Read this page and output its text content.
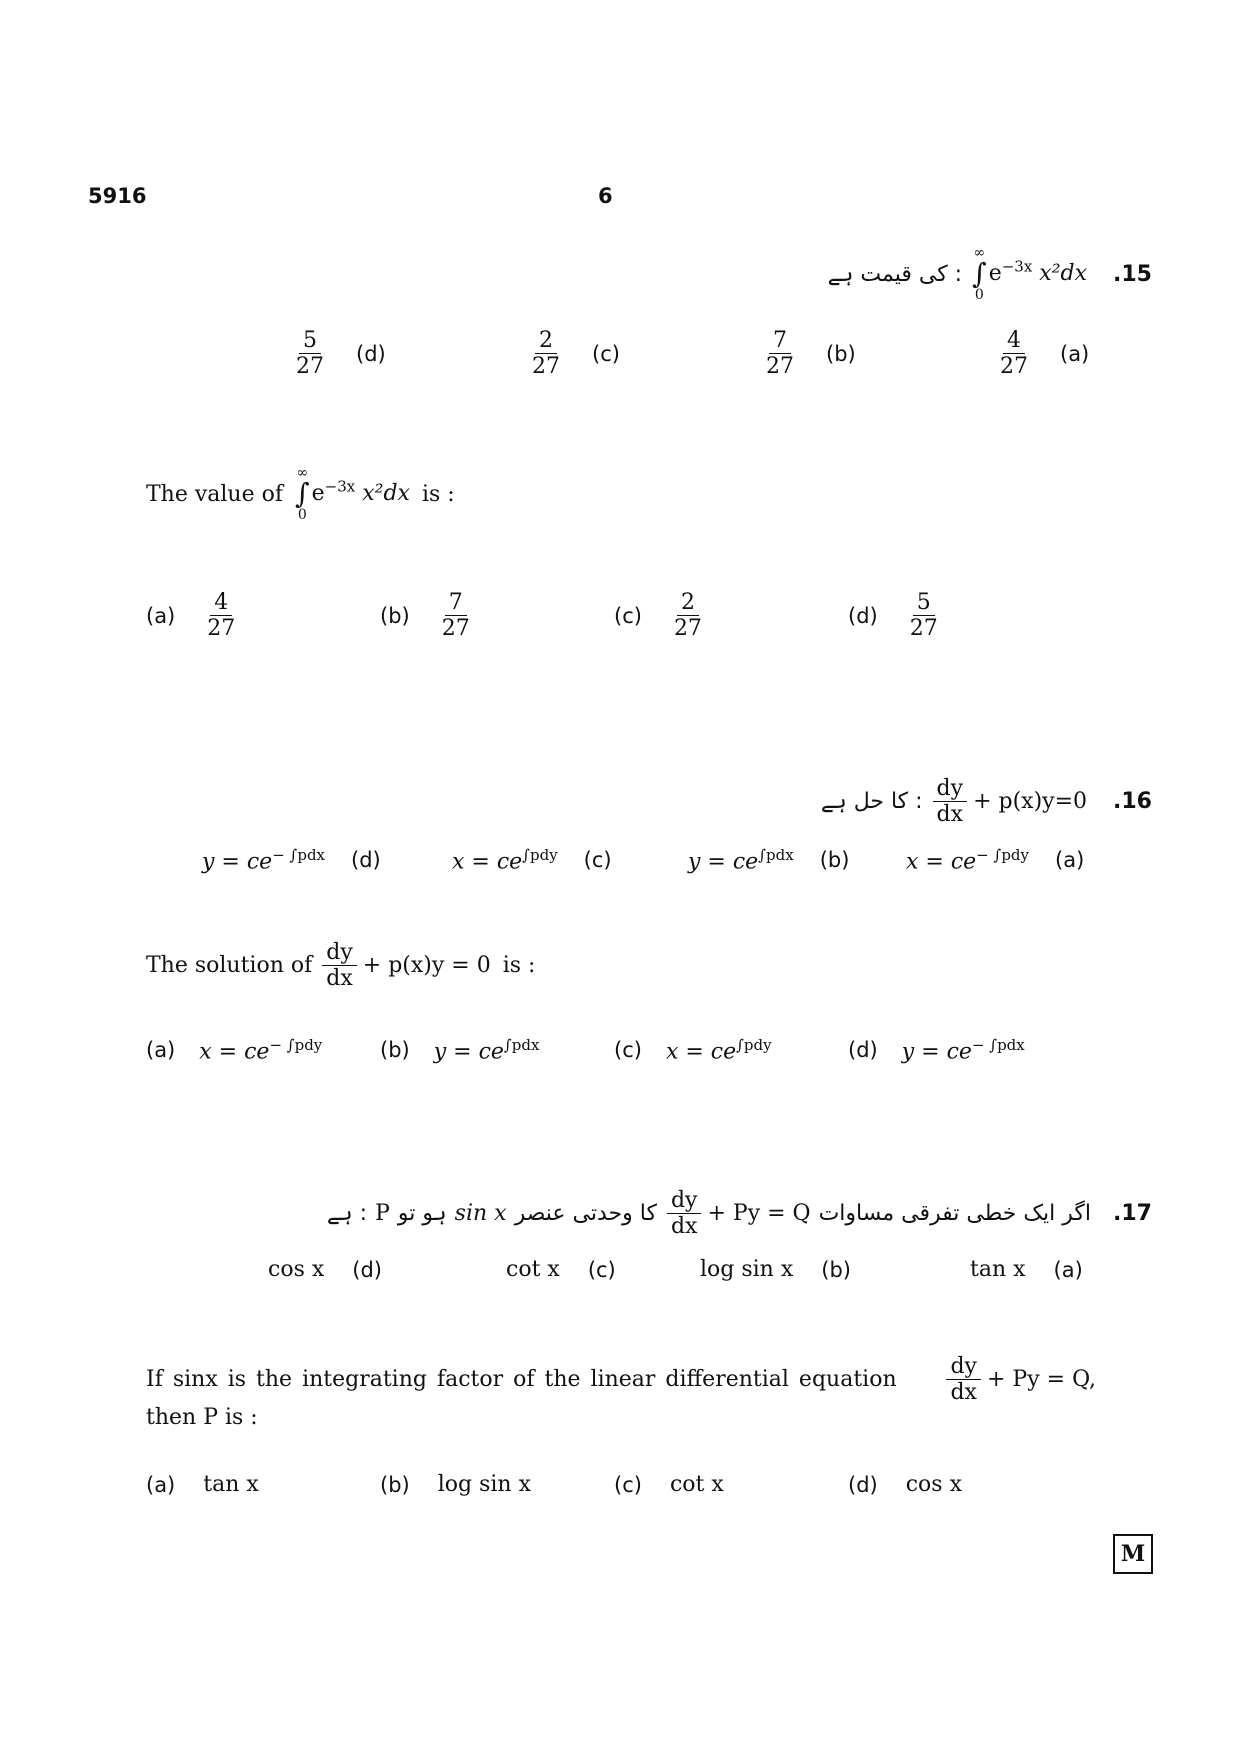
5916	6
: کی قیمت ہے
∞
∫
0
$e^{-3x}$ x²dx .15
$\frac{5}{27} (d)$	$\frac{2}{27} (c)$	$\frac{7}{27} (b)$	$\frac{4}{27} (a)$
The value of
∞
∫
0
$e^{-3x}$ x²dx is :
$(a) \frac{4}{27}$	$(b) \frac{7}{27}$	$(c) \frac{2}{27}$	$(d) \frac{5}{27}$
: کا حل ہے $\frac{dy}{dx} + p(x)y=0$ .16
$y = ce^{- \int pdx}$ (d)	$x = ce^{\int pdy}$ (c)	$y = ce^{\int pdx}$ (b)	$x = ce^{- \int pdy}$ (a)
The solution of $\frac{dy}{dx} + p(x)y = 0$ is :
(a) $x = ce^{- \int pdy}$	(b) $y = ce^{\int pdx}$	(c) $x = ce^{\int pdy}$	(d) $y = ce^{- \int pdx}$
: ہے P ہو تو sin x کا وحدتی عنصر $\frac{dy}{dx} + Py = Q$ اگر ایک خطی تفرقی مساوات .17
cos x (d)	cot x (c)	log sin x (b)	tan x (a)
If sinx is the integrating factor of the linear differential equation $\frac{dy}{dx} + Py = Q$,
then P is :
(a) tan x	(b) log sin x	(c) cot x	(d) cos x
M
